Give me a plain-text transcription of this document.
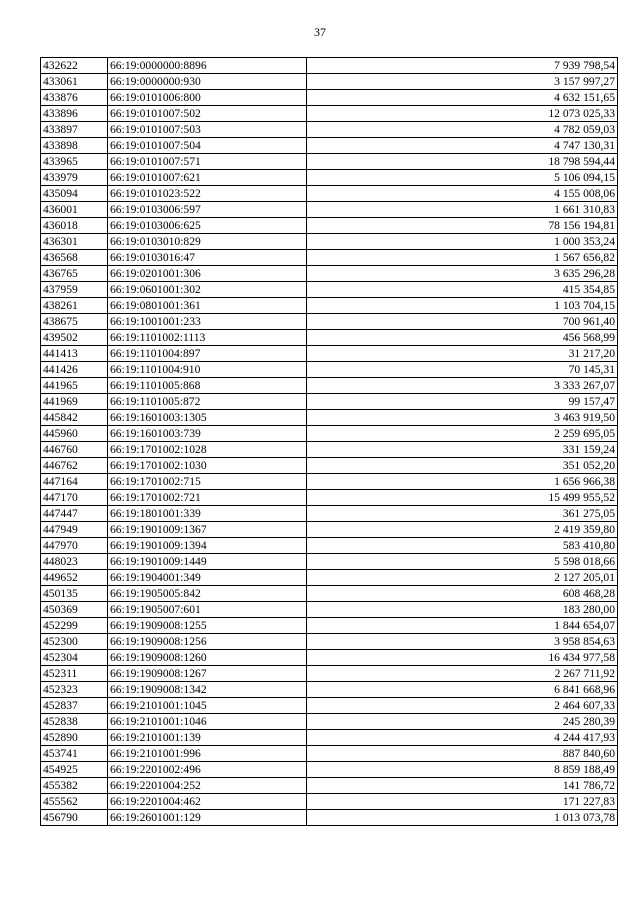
37
432622	66:19:0000000:8896	7 939 798,54
433061	66:19:0000000:930	3 157 997,27
433876	66:19:0101006:800	4 632 151,65
433896	66:19:0101007:502	12 073 025,33
433897	66:19:0101007:503	4 782 059,03
433898	66:19:0101007:504	4 747 130,31
433965	66:19:0101007:571	18 798 594,44
433979	66:19:0101007:621	5 106 094,15
435094	66:19:0101023:522	4 155 008,06
436001	66:19:0103006:597	1 661 310,83
436018	66:19:0103006:625	78 156 194,81
436301	66:19:0103010:829	1 000 353,24
436568	66:19:0103016:47	1 567 656,82
436765	66:19:0201001:306	3 635 296,28
437959	66:19:0601001:302	415 354,85
438261	66:19:0801001:361	1 103 704,15
438675	66:19:1001001:233	700 961,40
439502	66:19:1101002:1113	456 568,99
441413	66:19:1101004:897	31 217,20
441426	66:19:1101004:910	70 145,31
441965	66:19:1101005:868	3 333 267,07
441969	66:19:1101005:872	99 157,47
445842	66:19:1601003:1305	3 463 919,50
445960	66:19:1601003:739	2 259 695,05
446760	66:19:1701002:1028	331 159,24
446762	66:19:1701002:1030	351 052,20
447164	66:19:1701002:715	1 656 966,38
447170	66:19:1701002:721	15 499 955,52
447447	66:19:1801001:339	361 275,05
447949	66:19:1901009:1367	2 419 359,80
447970	66:19:1901009:1394	583 410,80
448023	66:19:1901009:1449	5 598 018,66
449652	66:19:1904001:349	2 127 205,01
450135	66:19:1905005:842	608 468,28
450369	66:19:1905007:601	183 280,00
452299	66:19:1909008:1255	1 844 654,07
452300	66:19:1909008:1256	3 958 854,63
452304	66:19:1909008:1260	16 434 977,58
452311	66:19:1909008:1267	2 267 711,92
452323	66:19:1909008:1342	6 841 668,96
452837	66:19:2101001:1045	2 464 607,33
452838	66:19:2101001:1046	245 280,39
452890	66:19:2101001:139	4 244 417,93
453741	66:19:2101001:996	887 840,60
454925	66:19:2201002:496	8 859 188,49
455382	66:19:2201004:252	141 786,72
455562	66:19:2201004:462	171 227,83
456790	66:19:2601001:129	1 013 073,78
